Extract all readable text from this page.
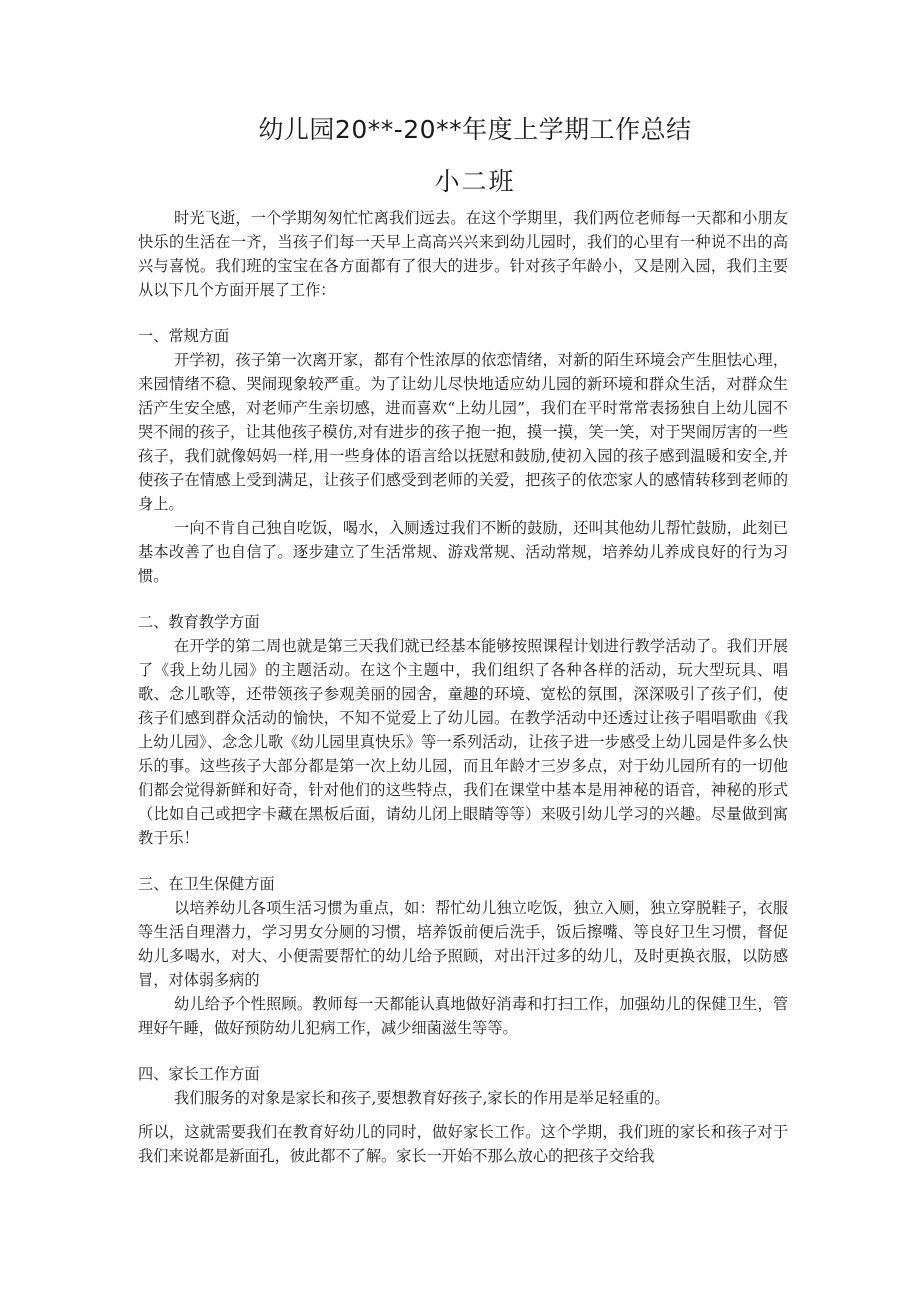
幼儿园20**-20**年度上学期工作总结
小二班

时光飞逝，一个学期匆匆忙忙离我们远去。在这个学期里，我们两位老师每一天都和小朋友快乐的生活在一齐，当孩子们每一天早上高高兴兴来到幼儿园时，我们的心里有一种说不出的高兴与喜悦。我们班的宝宝在各方面都有了很大的进步。针对孩子年龄小，又是刚入园，我们主要从以下几个方面开展了工作：

一、常规方面

开学初，孩子第一次离开家，都有个性浓厚的依恋情绪，对新的陌生环境会产生胆怯心理，来园情绪不稳、哭闹现象较严重。为了让幼儿尽快地适应幼儿园的新环境和群众生活，对群众生活产生安全感，对老师产生亲切感，进而喜欢“上幼儿园”，我们在平时常常表扬独自上幼儿园不哭不闹的孩子，让其他孩子模仿,对有进步的孩子抱一抱，摸一摸，笑一笑，对于哭闹厉害的一些孩子，我们就像妈妈一样,用一些身体的语言给以抚慰和鼓励,使初入园的孩子感到温暖和安全,并使孩子在情感上受到满足，让孩子们感受到老师的关爱，把孩子的依恋家人的感情转移到老师的身上。

一向不肯自己独自吃饭，喝水，入厕透过我们不断的鼓励，还叫其他幼儿帮忙鼓励，此刻已基本改善了也自信了。逐步建立了生活常规、游戏常规、活动常规，培养幼儿养成良好的行为习惯。

二、教育教学方面

在开学的第二周也就是第三天我们就已经基本能够按照课程计划进行教学活动了。我们开展了《我上幼儿园》的主题活动。在这个主题中，我们组织了各种各样的活动，玩大型玩具、唱歌、念儿歌等，还带领孩子参观美丽的园舍，童趣的环境、宽松的氛围，深深吸引了孩子们，使孩子们感到群众活动的愉快，不知不觉爱上了幼儿园。在教学活动中还透过让孩子唱唱歌曲《我上幼儿园》、念念儿歌《幼儿园里真快乐》等一系列活动，让孩子进一步感受上幼儿园是件多么快乐的事。这些孩子大部分都是第一次上幼儿园，而且年龄才三岁多点，对于幼儿园所有的一切他们都会觉得新鲜和好奇，针对他们的这些特点，我们在课堂中基本是用神秘的语音，神秘的形式（比如自己或把字卡藏在黑板后面，请幼儿闭上眼睛等等）来吸引幼儿学习的兴趣。尽量做到寓教于乐！

三、在卫生保健方面

以培养幼儿各项生活习惯为重点，如：帮忙幼儿独立吃饭，独立入厕，独立穿脱鞋子，衣服等生活自理潜力，学习男女分厕的习惯，培养饭前便后洗手，饭后擦嘴、等良好卫生习惯，督促幼儿多喝水，对大、小便需要帮忙的幼儿给予照顾，对出汗过多的幼儿，及时更换衣服，以防感冒，对体弱多病的

幼儿给予个性照顾。教师每一天都能认真地做好消毒和打扫工作，加强幼儿的保健卫生，管理好午睡，做好预防幼儿犯病工作，减少细菌滋生等等。

四、家长工作方面

我们服务的对象是家长和孩子,要想教育好孩子,家长的作用是举足轻重的。

所以，这就需要我们在教育好幼儿的同时，做好家长工作。这个学期，我们班的家长和孩子对于我们来说都是新面孔，彼此都不了解。家长一开始不那么放心的把孩子交给我
